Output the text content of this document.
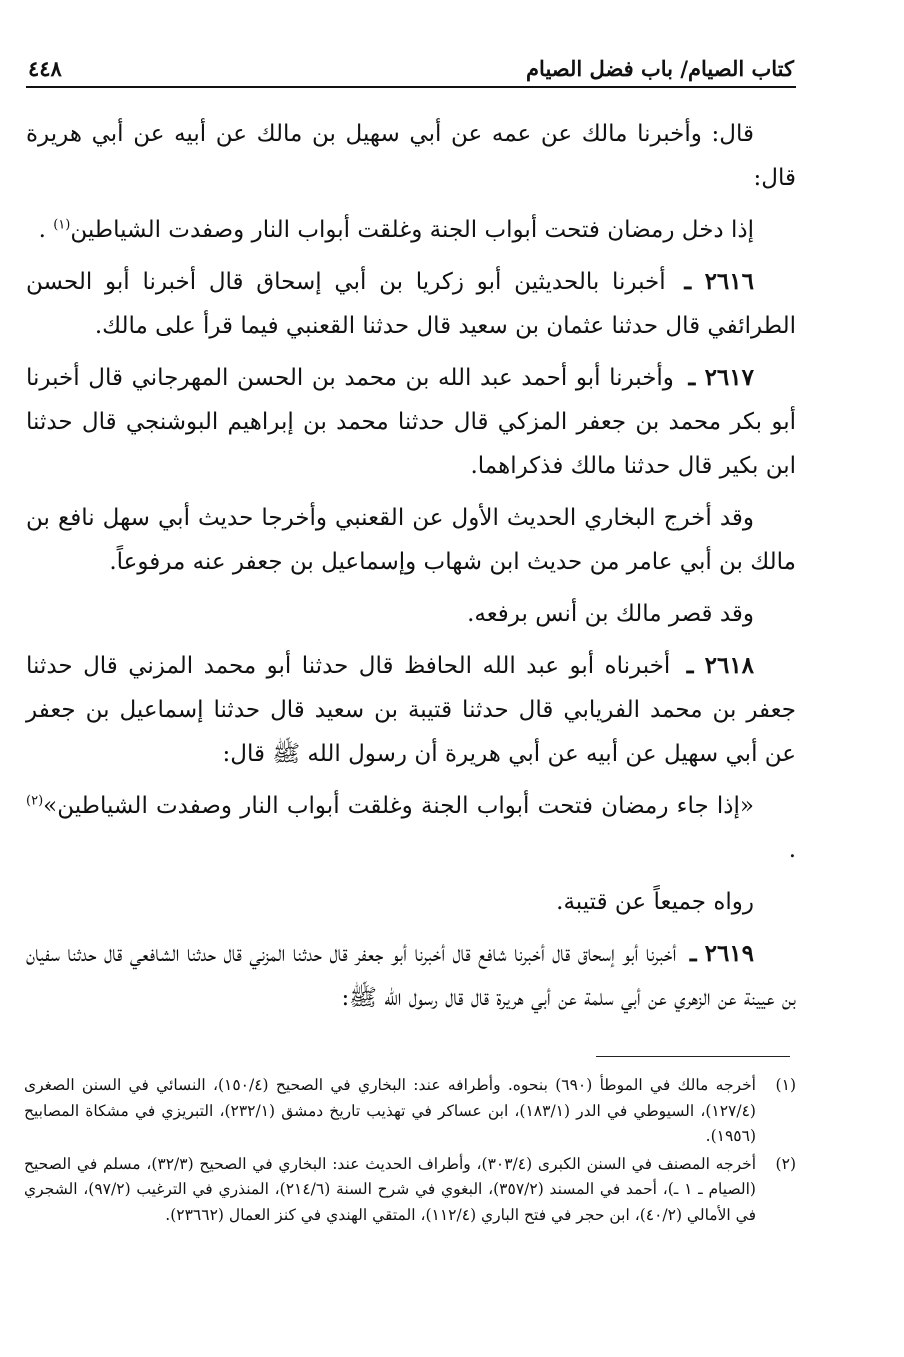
كتاب الصيام/ باب فضل الصيام
٤٤٨

قال: وأخبرنا مالك عن عمه عن أبي سهيل بن مالك عن أبيه عن أبي هريرة قال:

إذا دخل رمضان فتحت أبواب الجنة وغلقت أبواب النار وصفدت الشياطين$^{(١)}$ .

٢٦١٦ ـ أخبرنا بالحديثين أبو زكريا بن أبي إسحاق قال أخبرنا أبو الحسن الطرائفي قال حدثنا عثمان بن سعيد قال حدثنا القعنبي فيما قرأ على مالك.

٢٦١٧ ـ وأخبرنا أبو أحمد عبد الله بن محمد بن الحسن المهرجاني قال أخبرنا أبو بكر محمد بن جعفر المزكي قال حدثنا محمد بن إبراهيم البوشنجي قال حدثنا ابن بكير قال حدثنا مالك فذكراهما.

وقد أخرج البخاري الحديث الأول عن القعنبي وأخرجا حديث أبي سهل نافع بن مالك بن أبي عامر من حديث ابن شهاب وإسماعيل بن جعفر عنه مرفوعاً.

وقد قصر مالك بن أنس برفعه.

٢٦١٨ ـ أخبرناه أبو عبد الله الحافظ قال حدثنا أبو محمد المزني قال حدثنا جعفر بن محمد الفريابي قال حدثنا قتيبة بن سعيد قال حدثنا إسماعيل بن جعفر عن أبي سهيل عن أبيه عن أبي هريرة أن رسول الله ﷺ قال:

«إذا جاء رمضان فتحت أبواب الجنة وغلقت أبواب النار وصفدت الشياطين»$^{(٢)}$ .

رواه جميعاً عن قتيبة.

٢٦١٩ ـ أخبرنا أبو إسحاق قال أخبرنا شافع قال أخبرنا أبو جعفر قال حدثنا المزني قال حدثنا الشافعي قال حدثنا سفيان بن عيينة عن الزهري عن أبي سلمة عن أبي هريرة قال قال رسول الله ﷺ:

(١)
أخرجه مالك في الموطأ (٦٩٠) بنحوه. وأطرافه عند: البخاري في الصحيح (١٥٠/٤)، النسائي في السنن الصغرى (١٢٧/٤)، السيوطي في الدر (١٨٣/١)، ابن عساكر في تهذيب تاريخ دمشق (٢٣٢/١)، التبريزي في مشكاة المصابيح (١٩٥٦).
(٢)
أخرجه المصنف في السنن الكبرى (٣٠٣/٤)، وأطراف الحديث عند: البخاري في الصحيح (٣٢/٣)، مسلم في الصحيح (الصيام ـ ١ ـ)، أحمد في المسند (٣٥٧/٢)، البغوي في شرح السنة (٢١٤/٦)، المنذري في الترغيب (٩٧/٢)، الشجري في الأمالي (٤٠/٢)، ابن حجر في فتح الباري (١١٢/٤)، المتقي الهندي في كنز العمال (٢٣٦٦٢).
